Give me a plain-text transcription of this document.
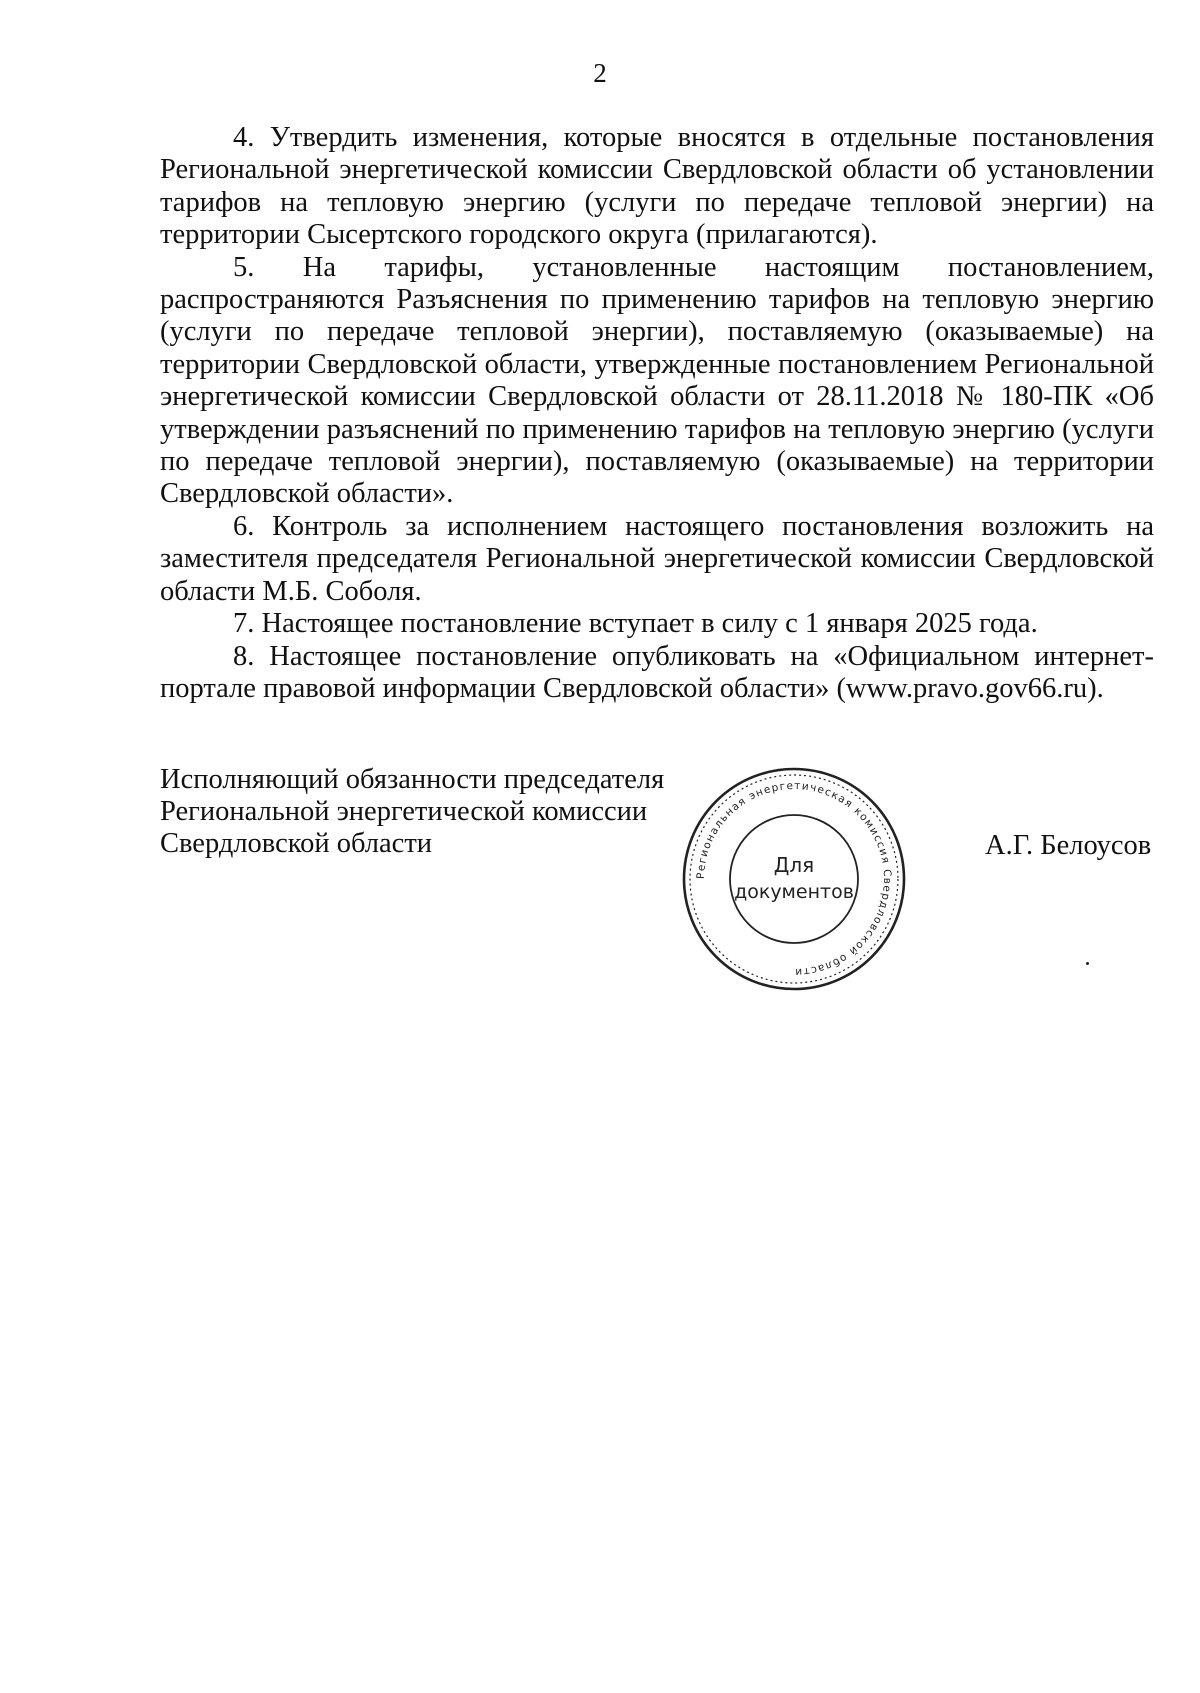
2

4. Утвердить изменения, которые вносятся в отдельные постановления Региональной энергетической комиссии Свердловской области об установлении тарифов на тепловую энергию (услуги по передаче тепловой энергии) на территории Сысертского городского округа (прилагаются).

5. На тарифы, установленные настоящим постановлением, распространяются Разъяснения по применению тарифов на тепловую энергию (услуги по передаче тепловой энергии), поставляемую (оказываемые) на территории Свердловской области, утвержденные постановлением Региональной энергетической комиссии Свердловской области от 28.11.2018 № 180-ПК «Об утверждении разъяснений по применению тарифов на тепловую энергию (услуги по передаче тепловой энергии), поставляемую (оказываемые) на территории Свердловской области».

6. Контроль за исполнением настоящего постановления возложить на заместителя председателя Региональной энергетической комиссии Свердловской области М.Б. Соболя.

7. Настоящее постановление вступает в силу с 1 января 2025 года.

8. Настоящее постановление опубликовать на «Официальном интернет-портале правовой информации Свердловской области» (www.pravo.gov66.ru).

Исполняющий обязанности председателя
Региональной энергетической комиссии
Свердловской области
Региональная энергетическая комиссия Свердловской области
Для
документов
А.Г. Белоусов
